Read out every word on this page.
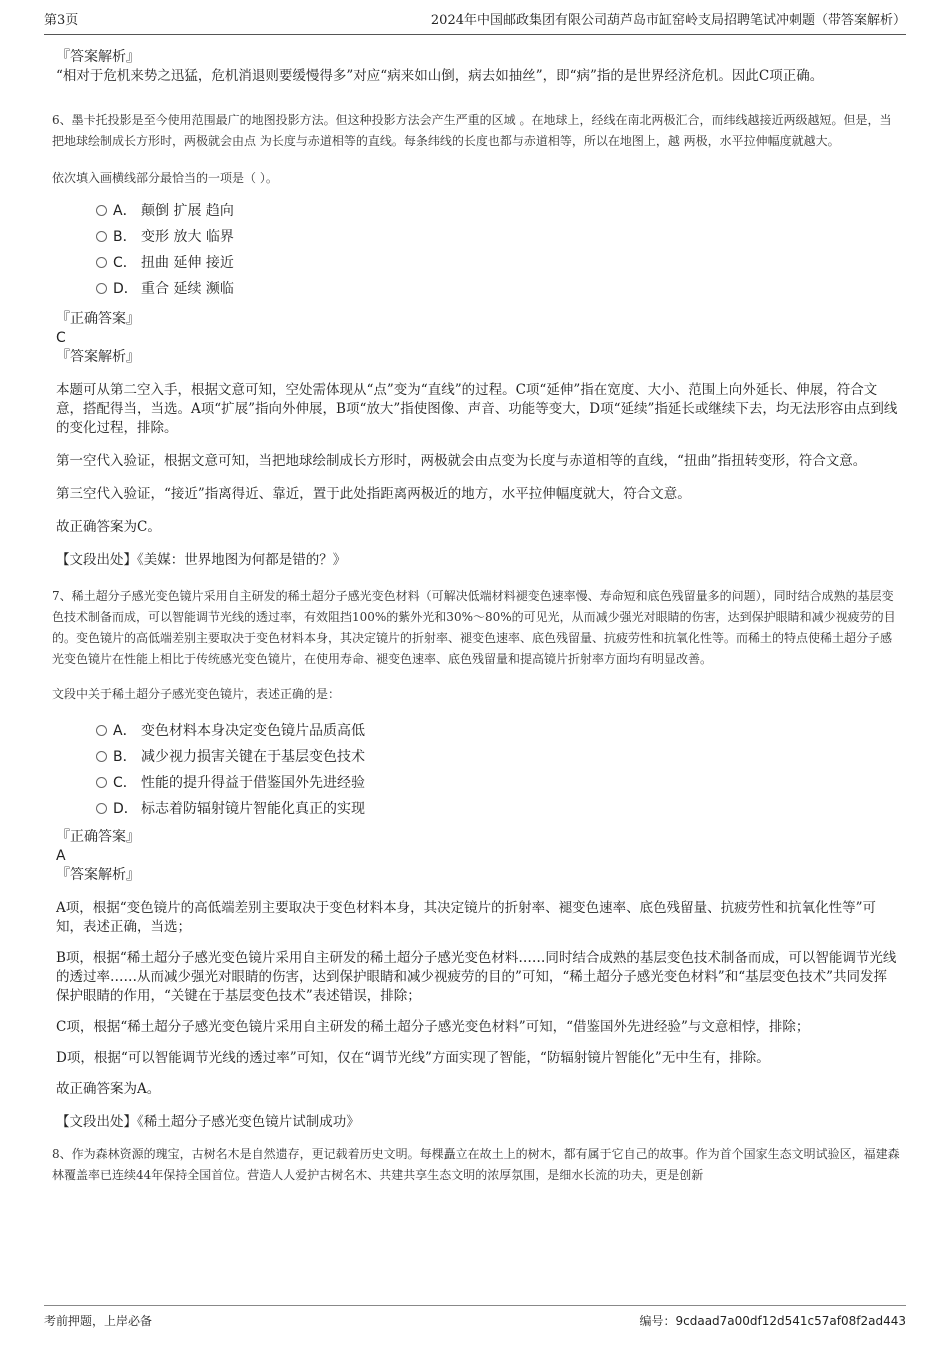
第3页	2024年中国邮政集团有限公司葫芦岛市缸窑岭支局招聘笔试冲刺题（带答案解析）
『答案解析』

“相对于危机来势之迅猛，危机消退则要缓慢得多”对应“病来如山倒，病去如抽丝”，即“病”指的是世界经济危机。因此C项正确。

6、墨卡托投影是至今使用范围最广的地图投影方法。但这种投影方法会产生严重的区域 。在地球上，经线在南北两极汇合，而纬线越接近两级越短。但是，当把地球绘制成长方形时，两极就会由点 为长度与赤道相等的直线。每条纬线的长度也都与赤道相等，所以在地图上，越 两极，水平拉伸幅度就越大。
依次填入画横线部分最恰当的一项是（ ）。
A． 颠倒 扩展 趋向
B． 变形 放大 临界
C． 扭曲 延伸 接近
D． 重合 延续 濒临
『正确答案』
C
『答案解析』

本题可从第二空入手，根据文意可知，空处需体现从“点”变为“直线”的过程。C项“延伸”指在宽度、大小、范围上向外延长、伸展，符合文意，搭配得当，当选。A项“扩展”指向外伸展，B项“放大”指使图像、声音、功能等变大，D项“延续”指延长或继续下去，均无法形容由点到线的变化过程，排除。

第一空代入验证，根据文意可知，当把地球绘制成长方形时，两极就会由点变为长度与赤道相等的直线，“扭曲”指扭转变形，符合文意。

第三空代入验证，“接近”指离得近、靠近，置于此处指距离两极近的地方，水平拉伸幅度就大，符合文意。

故正确答案为C。

【文段出处】《美媒：世界地图为何都是错的？》
7、稀土超分子感光变色镜片采用自主研发的稀土超分子感光变色材料（可解决低端材料褪变色速率慢、寿命短和底色残留量多的问题），同时结合成熟的基层变色技术制备而成，可以智能调节光线的透过率，有效阻挡100%的紫外光和30%～80%的可见光，从而减少强光对眼睛的伤害，达到保护眼睛和减少视疲劳的目的。变色镜片的高低端差别主要取决于变色材料本身，其决定镜片的折射率、褪变色速率、底色残留量、抗疲劳性和抗氧化性等。而稀土的特点使稀土超分子感光变色镜片在性能上相比于传统感光变色镜片，在使用寿命、褪变色速率、底色残留量和提高镜片折射率方面均有明显改善。
文段中关于稀土超分子感光变色镜片，表述正确的是：
A． 变色材料本身决定变色镜片品质高低
B． 减少视力损害关键在于基层变色技术
C． 性能的提升得益于借鉴国外先进经验
D． 标志着防辐射镜片智能化真正的实现
『正确答案』
A
『答案解析』

A项，根据“变色镜片的高低端差别主要取决于变色材料本身，其决定镜片的折射率、褪变色速率、底色残留量、抗疲劳性和抗氧化性等”可知，表述正确，当选；

B项，根据“稀土超分子感光变色镜片采用自主研发的稀土超分子感光变色材料……同时结合成熟的基层变色技术制备而成，可以智能调节光线的透过率……从而减少强光对眼睛的伤害，达到保护眼睛和减少视疲劳的目的”可知，“稀土超分子感光变色材料”和“基层变色技术”共同发挥保护眼睛的作用，“关键在于基层变色技术”表述错误，排除；

C项，根据“稀土超分子感光变色镜片采用自主研发的稀土超分子感光变色材料”可知，“借鉴国外先进经验”与文意相悖，排除；

D项，根据“可以智能调节光线的透过率”可知，仅在“调节光线”方面实现了智能，“防辐射镜片智能化”无中生有，排除。

故正确答案为A。

【文段出处】《稀土超分子感光变色镜片试制成功》
8、作为森林资源的瑰宝，古树名木是自然遗存，更记载着历史文明。每棵矗立在故土上的树木，都有属于它自己的故事。作为首个国家生态文明试验区，福建森林覆盖率已连续44年保持全国首位。营造人人爱护古树名木、共建共享生态文明的浓厚氛围，是细水长流的功夫，更是创新
考前押题，上岸必备	编号：9cdaad7a00df12d541c57af08f2ad443
